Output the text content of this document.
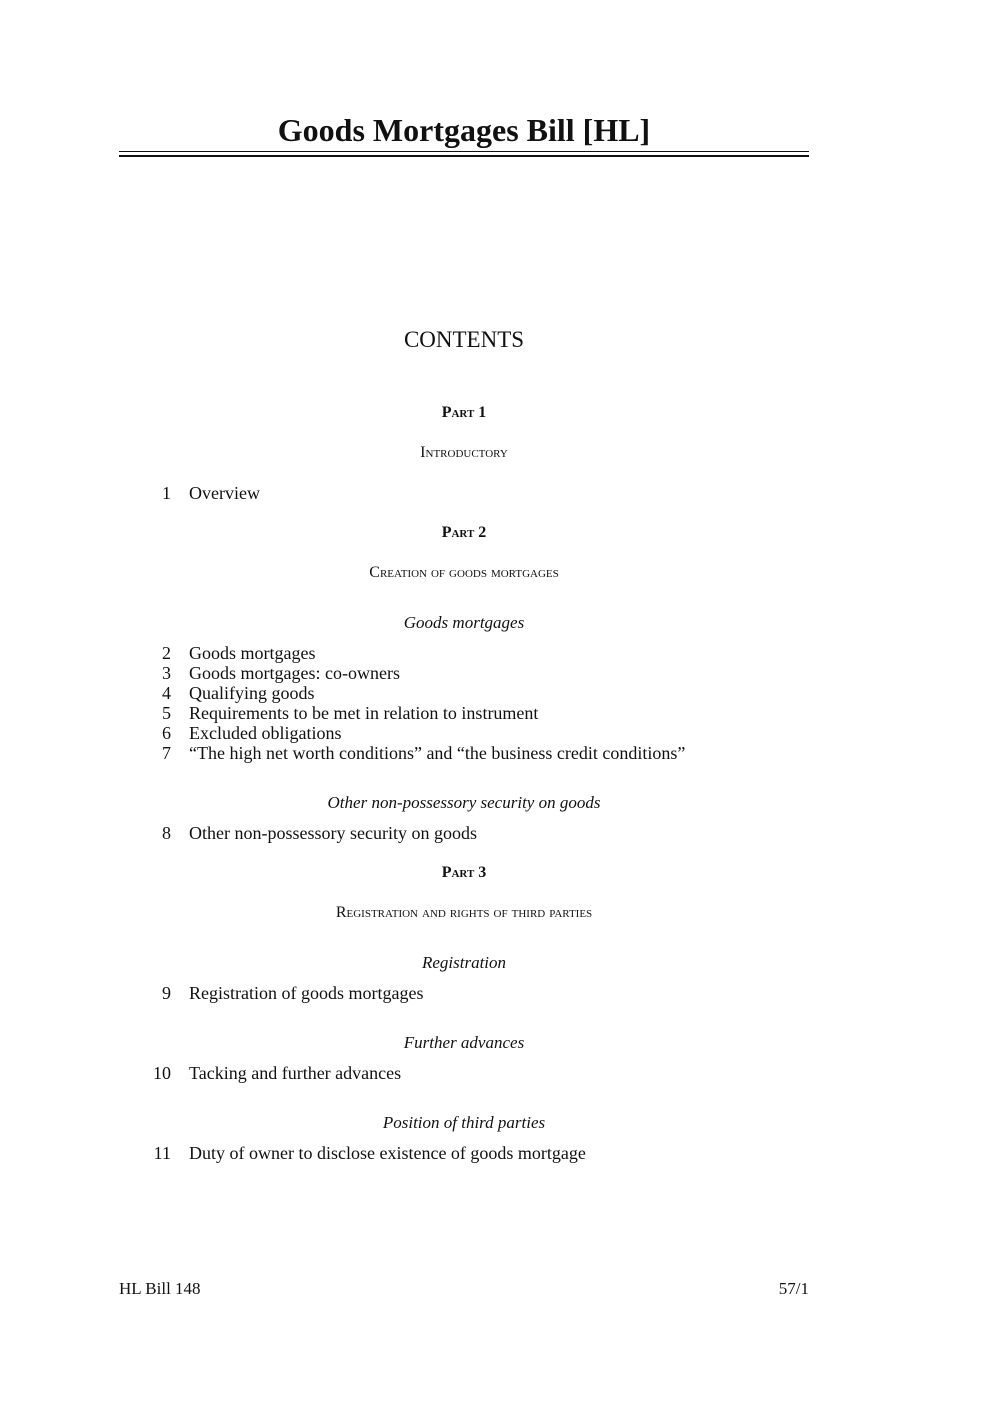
Goods Mortgages Bill [HL]
CONTENTS
Part 1
Introductory
1 Overview
Part 2
Creation of goods mortgages
Goods mortgages
2 Goods mortgages
3 Goods mortgages: co-owners
4 Qualifying goods
5 Requirements to be met in relation to instrument
6 Excluded obligations
7 “The high net worth conditions” and “the business credit conditions”
Other non-possessory security on goods
8 Other non-possessory security on goods
Part 3
Registration and rights of third parties
Registration
9 Registration of goods mortgages
Further advances
10 Tacking and further advances
Position of third parties
11 Duty of owner to disclose existence of goods mortgage
HL Bill 148	57/1
